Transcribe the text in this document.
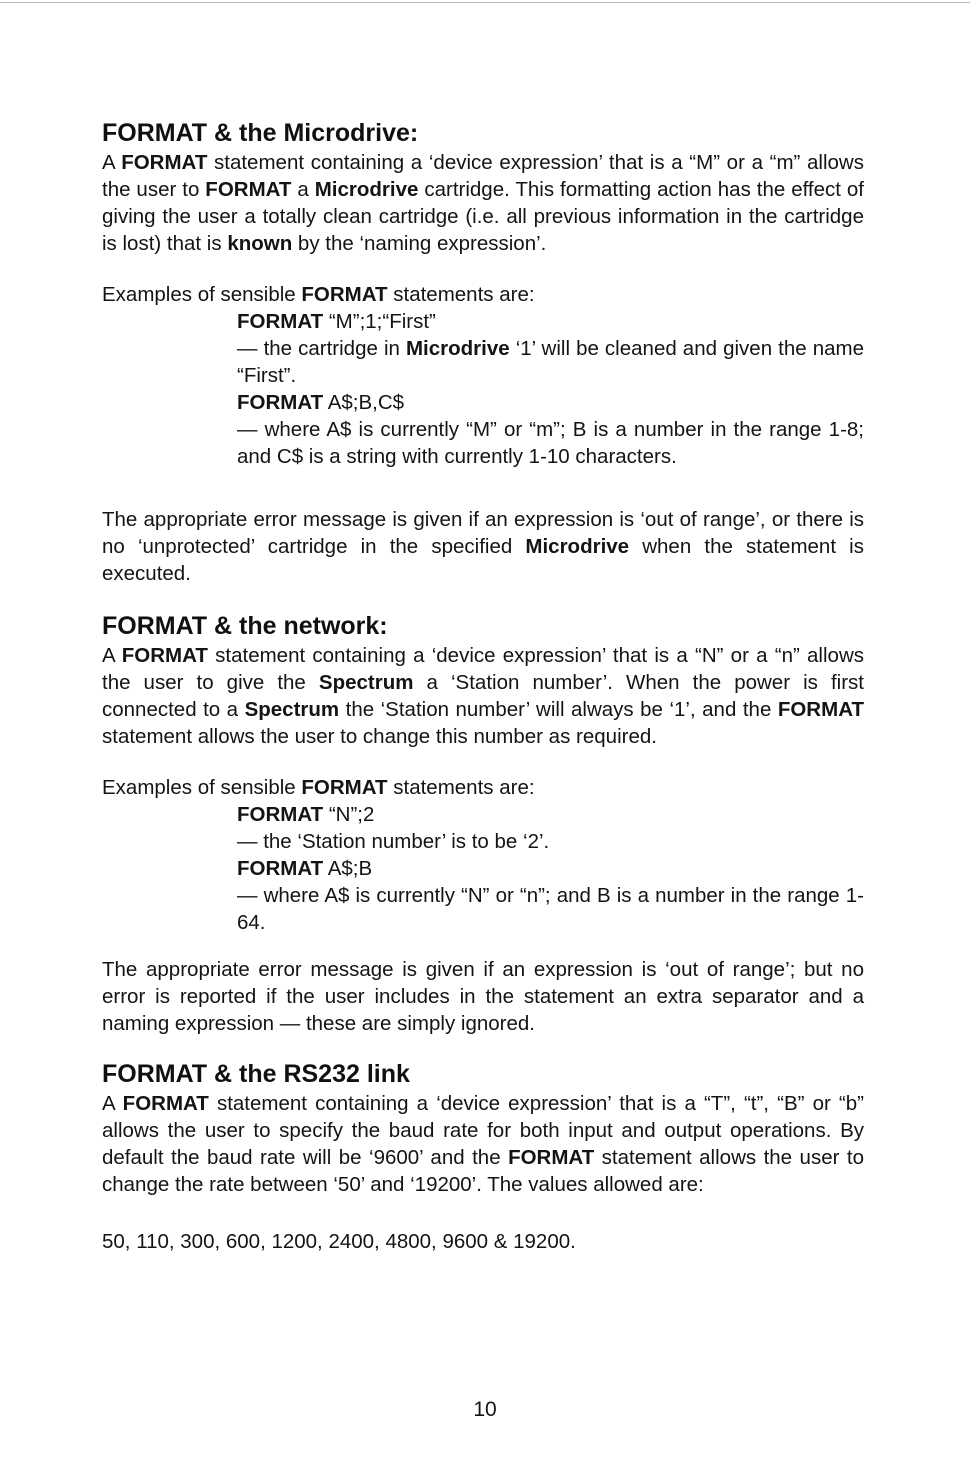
FORMAT & the Microdrive:

A FORMAT statement containing a ‘device expression’ that is a “M” or a “m” allows the user to FORMAT a Microdrive cartridge. This formatting action has the effect of giving the user a totally clean cartridge (i.e. all previous information in the cartridge is lost) that is known by the ‘naming expression’.

Examples of sensible FORMAT statements are:

FORMAT “M”;1;“First”

— the cartridge in Microdrive ‘1’ will be cleaned and given the name “First”.

FORMAT A$;B,C$

— where A$ is currently “M” or “m”; B is a number in the range 1-8; and C$ is a string with currently 1-10 characters.

The appropriate error message is given if an expression is ‘out of range’, or there is no ‘unprotected’ cartridge in the specified Microdrive when the statement is executed.

FORMAT & the network:

A FORMAT statement containing a ‘device expression’ that is a “N” or a “n” allows the user to give the Spectrum a ‘Station number’. When the power is first connected to a Spectrum the ‘Station number’ will always be ‘1’, and the FORMAT statement allows the user to change this number as required.

Examples of sensible FORMAT statements are:

FORMAT “N”;2

— the ‘Station number’ is to be ‘2’.

FORMAT A$;B

— where A$ is currently “N” or “n”; and B is a number in the range 1-64.

The appropriate error message is given if an expression is ‘out of range’; but no error is reported if the user includes in the statement an extra separator and a naming expression — these are simply ignored.

FORMAT & the RS232 link

A FORMAT statement containing a ‘device expression’ that is a “T”, “t”, “B” or “b” allows the user to specify the baud rate for both input and output operations. By default the baud rate will be ‘9600’ and the FORMAT statement allows the user to change the rate between ‘50’ and ‘19200’. The values allowed are:

50, 110, 300, 600, 1200, 2400, 4800, 9600 & 19200.

10
